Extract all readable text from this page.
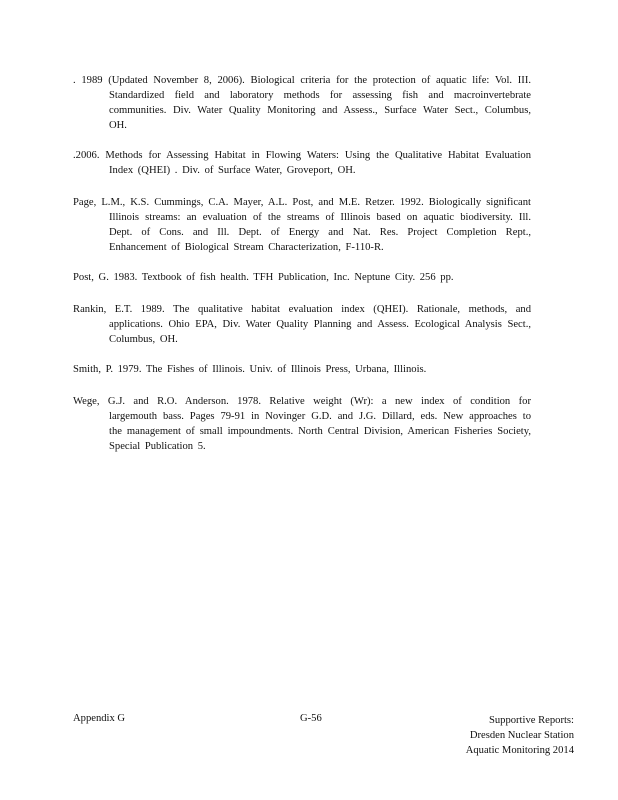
. 1989 (Updated November 8, 2006). Biological criteria for the protection of aquatic life: Vol. III. Standardized field and laboratory methods for assessing fish and macroinvertebrate communities. Div. Water Quality Monitoring and Assess., Surface Water Sect., Columbus, OH.

.2006. Methods for Assessing Habitat in Flowing Waters: Using the Qualitative Habitat Evaluation Index (QHEI) . Div. of Surface Water, Groveport, OH.

Page, L.M., K.S. Cummings, C.A. Mayer, A.L. Post, and M.E. Retzer. 1992. Biologically significant Illinois streams: an evaluation of the streams of Illinois based on aquatic biodiversity. Ill. Dept. of Cons. and Ill. Dept. of Energy and Nat. Res. Project Completion Rept., Enhancement of Biological Stream Characterization, F-110-R.

Post, G. 1983. Textbook of fish health. TFH Publication, Inc. Neptune City. 256 pp.

Rankin, E.T. 1989. The qualitative habitat evaluation index (QHEI). Rationale, methods, and applications. Ohio EPA, Div. Water Quality Planning and Assess. Ecological Analysis Sect., Columbus, OH.

Smith, P. 1979. The Fishes of Illinois. Univ. of Illinois Press, Urbana, Illinois.

Wege, G.J. and R.O. Anderson. 1978. Relative weight (Wr): a new index of condition for largemouth bass. Pages 79-91 in Novinger G.D. and J.G. Dillard, eds. New approaches to the management of small impoundments. North Central Division, American Fisheries Society, Special Publication 5.

Appendix G	G-56	Supportive Reports:
Dresden Nuclear Station
Aquatic Monitoring 2014
